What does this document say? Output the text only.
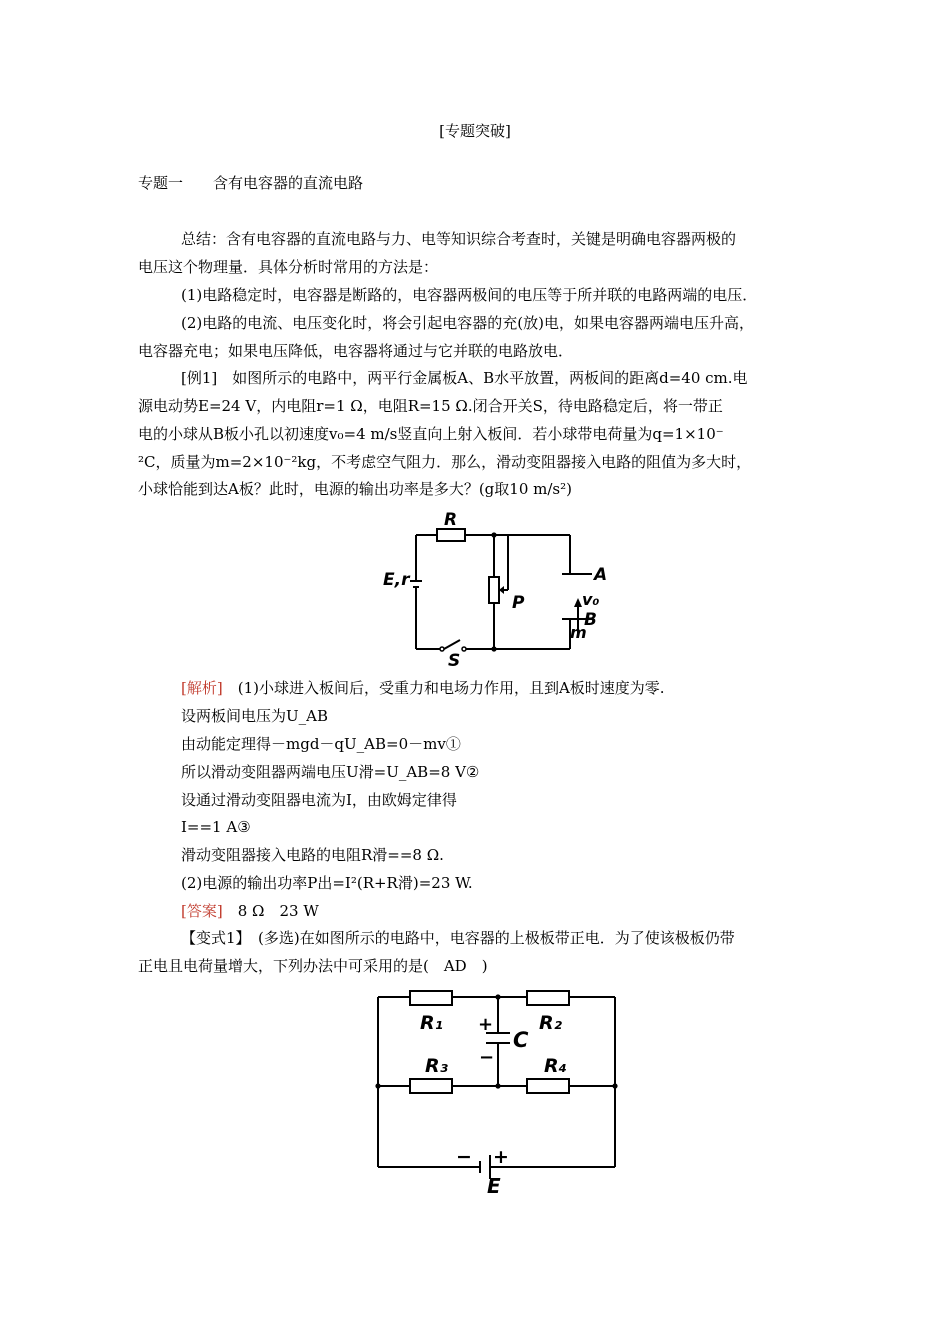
[专题突破]
专题一　　含有电容器的直流电路
总结：含有电容器的直流电路与力、电等知识综合考查时，关键是明确电容器两极的
电压这个物理量．具体分析时常用的方法是：
(1)电路稳定时，电容器是断路的，电容器两极间的电压等于所并联的电路两端的电压．
(2)电路的电流、电压变化时，将会引起电容器的充(放)电，如果电容器两端电压升高，
电容器充电；如果电压降低，电容器将通过与它并联的电路放电．
[例1]　如图所示的电路中，两平行金属板A、B水平放置，两板间的距离d=40 cm.电
源电动势E=24 V，内电阻r=1 Ω，电阻R=15 Ω.闭合开关S，待电路稳定后，将一带正
电的小球从B板小孔以初速度v₀=4 m/s竖直向上射入板间．若小球带电荷量为q=1×10⁻
²C，质量为m=2×10⁻²kg，不考虑空气阻力．那么，滑动变阻器接入电路的阻值为多大时，
小球恰能到达A板？此时，电源的输出功率是多大？(g取10 m/s²)
R
E,r	A
P	v₀
B
m
S
[解析]　(1)小球进入板间后，受重力和电场力作用，且到A板时速度为零.
设两板间电压为U_AB
由动能定理得－mgd－qU_AB=0－mv①
所以滑动变阻器两端电压U滑=U_AB=8 V②
设通过滑动变阻器电流为I，由欧姆定律得
I==1 A③
滑动变阻器接入电路的电阻R滑==8 Ω.
(2)电源的输出功率P出=I²(R+R滑)=23 W.
[答案]　8 Ω　23 W
【变式1】　(多选)在如图所示的电路中，电容器的上极板带正电．为了使该极板仍带
正电且电荷量增大，下列办法中可采用的是(　AD　)
R₁	R₂
R₃	R₄
+
C
−
− +
E
